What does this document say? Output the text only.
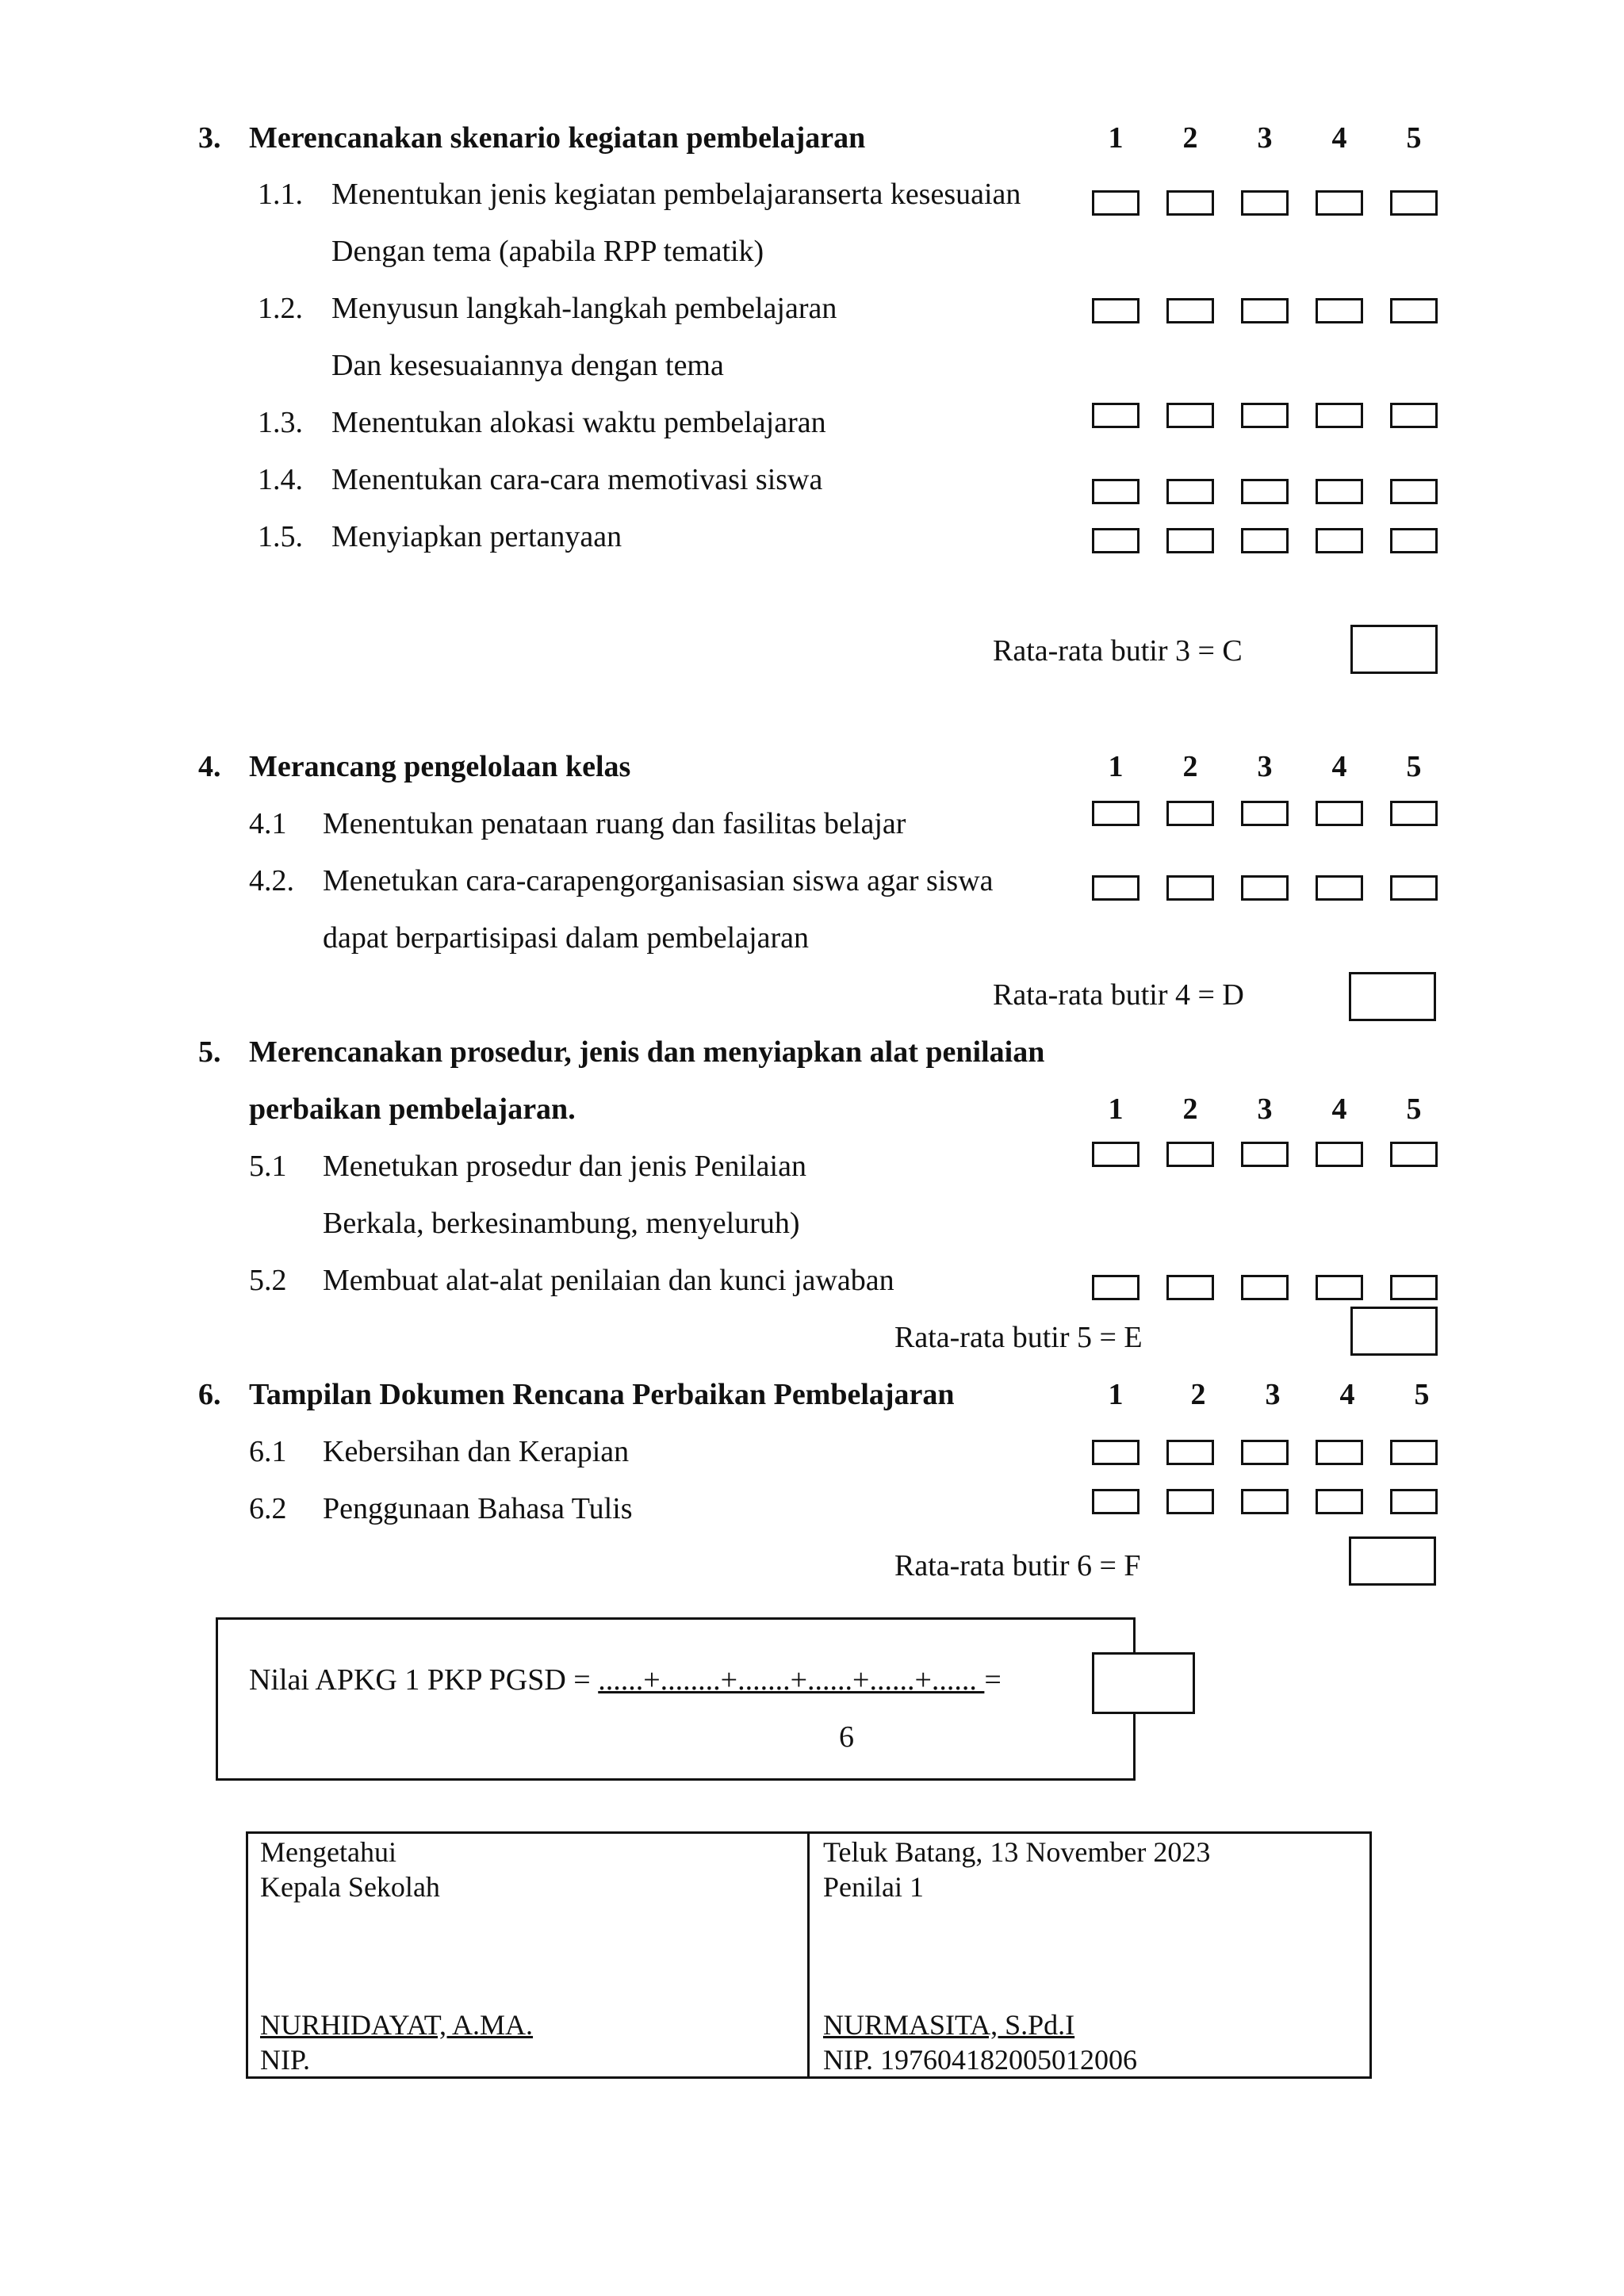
3. Merencanakan skenario kegiatan pembelajaran	1 2 3 4 5
1.1. Menentukan jenis kegiatan pembelajaranserta kesesuaian
Dengan tema (apabila RPP tematik)
1.2. Menyusun langkah-langkah pembelajaran
Dan kesesuaiannya dengan tema
1.3. Menentukan alokasi waktu pembelajaran
1.4. Menentukan cara-cara memotivasi siswa
1.5. Menyiapkan pertanyaan
Rata-rata butir 3 = C
4. Merancang pengelolaan kelas	1 2 3 4 5
4.1 Menentukan penataan ruang dan fasilitas belajar
4.2. Menetukan cara-carapengorganisasian siswa agar siswa
dapat berpartisipasi dalam pembelajaran
Rata-rata butir 4 = D
5. Merencanakan prosedur, jenis dan menyiapkan alat penilaian
perbaikan pembelajaran.	1 2 3 4 5
5.1 Menetukan prosedur dan jenis Penilaian
Berkala, berkesinambung, menyeluruh)
5.2 Membuat alat-alat penilaian dan kunci jawaban
Rata-rata butir 5 = E
6. Tampilan Dokumen Rencana Perbaikan Pembelajaran	1 2 3 4 5
6.1 Kebersihan dan Kerapian
6.2 Penggunaan Bahasa Tulis
Rata-rata butir 6 = F
Nilai APKG 1 PKP PGSD = ......+........+.......+......+......+...... =
6
Mengetahui
Kepala Sekolah
NURHIDAYAT, A.MA.
NIP.
Teluk Batang, 13 November 2023
Penilai 1
NURMASITA, S.Pd.I
NIP. 197604182005012006
